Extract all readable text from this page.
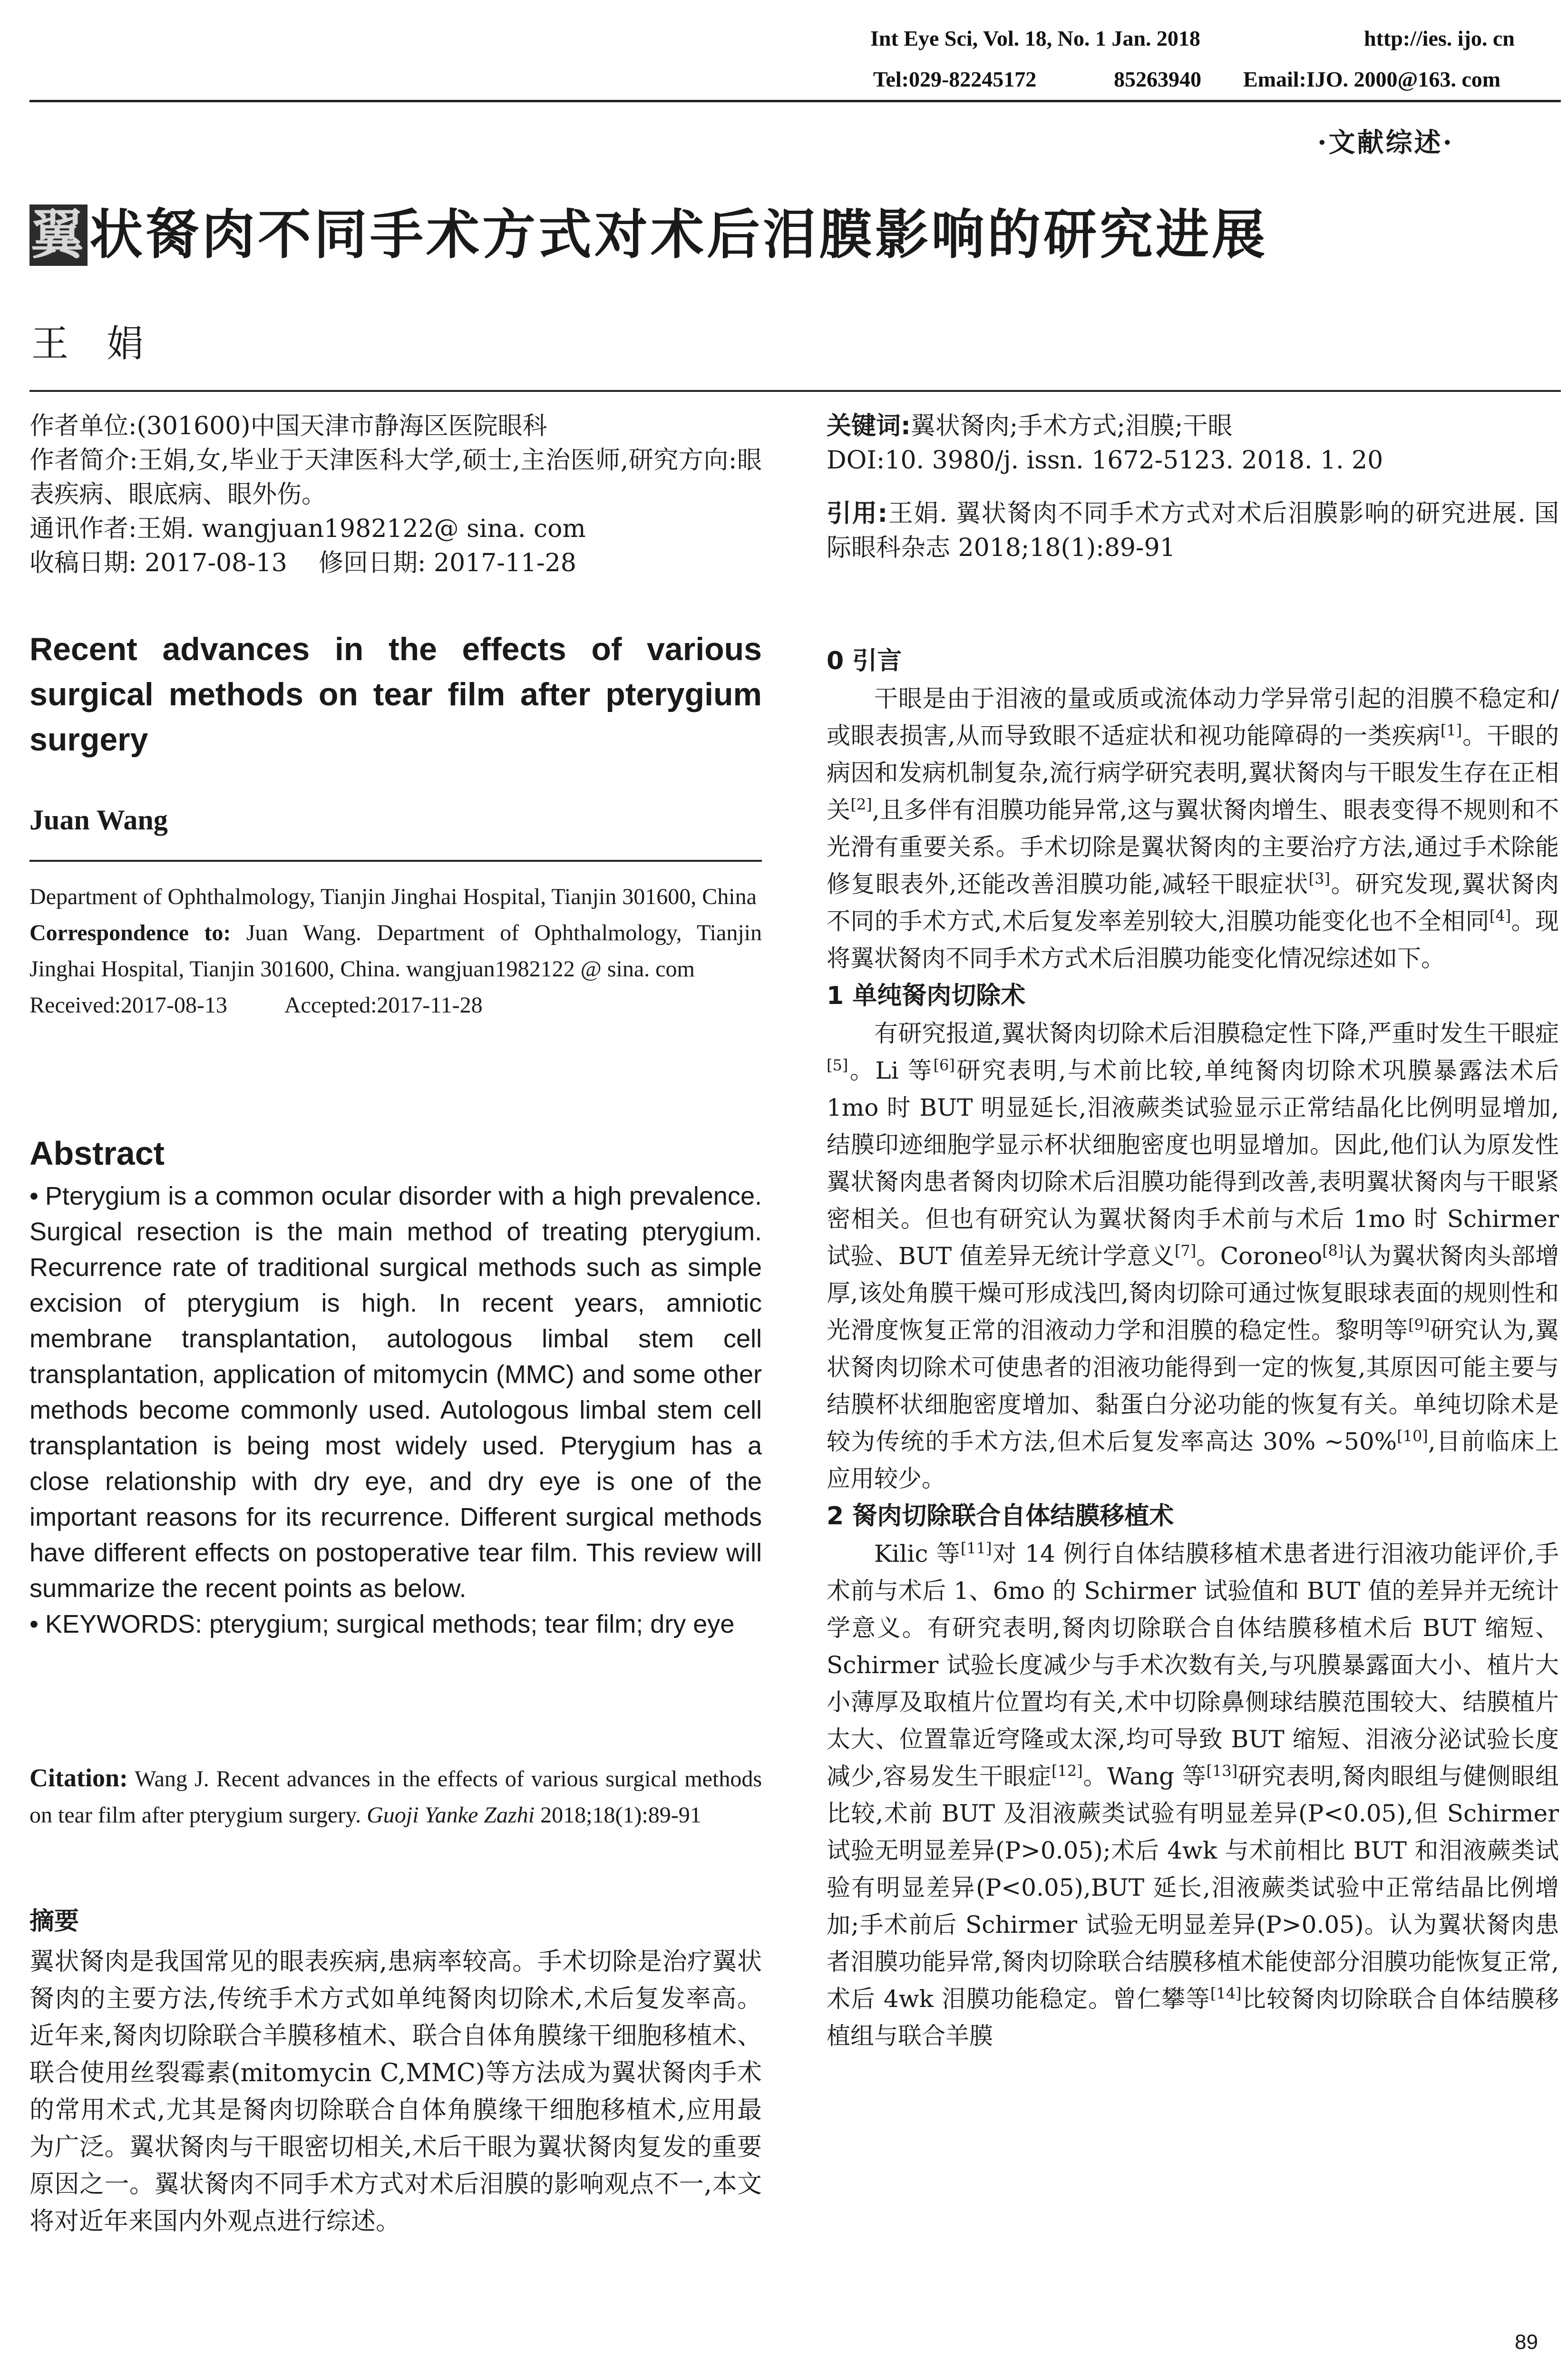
Int Eye Sci, Vol. 18, No. 1 Jan. 2018	http://ies. ijo. cn
Tel:029-82245172	85263940 Email:IJO. 2000@163. com
·文献综述·
翼状胬肉不同手术方式对术后泪膜影响的研究进展
王娟
作者单位:(301600)中国天津市静海区医院眼科
作者简介:王娟,女,毕业于天津医科大学,硕士,主治医师,研究方向:眼表疾病、眼底病、眼外伤。
通讯作者:王娟. wangjuan1982122@ sina. com
收稿日期: 2017-08-13    修回日期: 2017-11-28
关键词:翼状胬肉;手术方式;泪膜;干眼
DOI:10. 3980/j. issn. 1672-5123. 2018. 1. 20
引用:王娟. 翼状胬肉不同手术方式对术后泪膜影响的研究进展. 国际眼科杂志 2018;18(1):89-91
Recent advances in the effects of various surgical methods on tear film after pterygium surgery
Juan Wang
Department of Ophthalmology, Tianjin Jinghai Hospital, Tianjin 301600, China
Correspondence to: Juan Wang. Department of Ophthalmology, Tianjin Jinghai Hospital, Tianjin 301600, China. wangjuan1982122 @ sina. com
Received:2017-08-13	Accepted:2017-11-28
Abstract
• Pterygium is a common ocular disorder with a high prevalence. Surgical resection is the main method of treating pterygium. Recurrence rate of traditional surgical methods such as simple excision of pterygium is high. In recent years, amniotic membrane transplantation, autologous limbal stem cell transplantation, application of mitomycin (MMC) and some other methods become commonly used. Autologous limbal stem cell transplantation is being most widely used. Pterygium has a close relationship with dry eye, and dry eye is one of the important reasons for its recurrence. Different surgical methods have different effects on postoperative tear film. This review will summarize the recent points as below.
• KEYWORDS: pterygium; surgical methods; tear film; dry eye
Citation: Wang J. Recent advances in the effects of various surgical methods on tear film after pterygium surgery. Guoji Yanke Zazhi 2018;18(1):89-91
摘要
翼状胬肉是我国常见的眼表疾病,患病率较高。手术切除是治疗翼状胬肉的主要方法,传统手术方式如单纯胬肉切除术,术后复发率高。近年来,胬肉切除联合羊膜移植术、联合自体角膜缘干细胞移植术、联合使用丝裂霉素(mitomycin C,MMC)等方法成为翼状胬肉手术的常用术式,尤其是胬肉切除联合自体角膜缘干细胞移植术,应用最为广泛。翼状胬肉与干眼密切相关,术后干眼为翼状胬肉复发的重要原因之一。翼状胬肉不同手术方式对术后泪膜的影响观点不一,本文将对近年来国内外观点进行综述。
0 引言

干眼是由于泪液的量或质或流体动力学异常引起的泪膜不稳定和/或眼表损害,从而导致眼不适症状和视功能障碍的一类疾病[1]。干眼的病因和发病机制复杂,流行病学研究表明,翼状胬肉与干眼发生存在正相关[2],且多伴有泪膜功能异常,这与翼状胬肉增生、眼表变得不规则和不光滑有重要关系。手术切除是翼状胬肉的主要治疗方法,通过手术除能修复眼表外,还能改善泪膜功能,减轻干眼症状[3]。研究发现,翼状胬肉不同的手术方式,术后复发率差别较大,泪膜功能变化也不全相同[4]。现将翼状胬肉不同手术方式术后泪膜功能变化情况综述如下。

1 单纯胬肉切除术

有研究报道,翼状胬肉切除术后泪膜稳定性下降,严重时发生干眼症[5]。Li 等[6]研究表明,与术前比较,单纯胬肉切除术巩膜暴露法术后 1mo 时 BUT 明显延长,泪液蕨类试验显示正常结晶化比例明显增加,结膜印迹细胞学显示杯状细胞密度也明显增加。因此,他们认为原发性翼状胬肉患者胬肉切除术后泪膜功能得到改善,表明翼状胬肉与干眼紧密相关。但也有研究认为翼状胬肉手术前与术后 1mo 时 Schirmer 试验、BUT 值差异无统计学意义[7]。Coroneo[8]认为翼状胬肉头部增厚,该处角膜干燥可形成浅凹,胬肉切除可通过恢复眼球表面的规则性和光滑度恢复正常的泪液动力学和泪膜的稳定性。黎明等[9]研究认为,翼状胬肉切除术可使患者的泪液功能得到一定的恢复,其原因可能主要与结膜杯状细胞密度增加、黏蛋白分泌功能的恢复有关。单纯切除术是较为传统的手术方法,但术后复发率高达 30% ~50%[10],目前临床上应用较少。

2 胬肉切除联合自体结膜移植术

Kilic 等[11]对 14 例行自体结膜移植术患者进行泪液功能评价,手术前与术后 1、6mo 的 Schirmer 试验值和 BUT 值的差异并无统计学意义。有研究表明,胬肉切除联合自体结膜移植术后 BUT 缩短、Schirmer 试验长度减少与手术次数有关,与巩膜暴露面大小、植片大小薄厚及取植片位置均有关,术中切除鼻侧球结膜范围较大、结膜植片太大、位置靠近穹隆或太深,均可导致 BUT 缩短、泪液分泌试验长度减少,容易发生干眼症[12]。Wang 等[13]研究表明,胬肉眼组与健侧眼组比较,术前 BUT 及泪液蕨类试验有明显差异(P<0.05),但 Schirmer 试验无明显差异(P>0.05);术后 4wk 与术前相比 BUT 和泪液蕨类试验有明显差异(P<0.05),BUT 延长,泪液蕨类试验中正常结晶比例增加;手术前后 Schirmer 试验无明显差异(P>0.05)。认为翼状胬肉患者泪膜功能异常,胬肉切除联合结膜移植术能使部分泪膜功能恢复正常,术后 4wk 泪膜功能稳定。曾仁攀等[14]比较胬肉切除联合自体结膜移植组与联合羊膜

89
